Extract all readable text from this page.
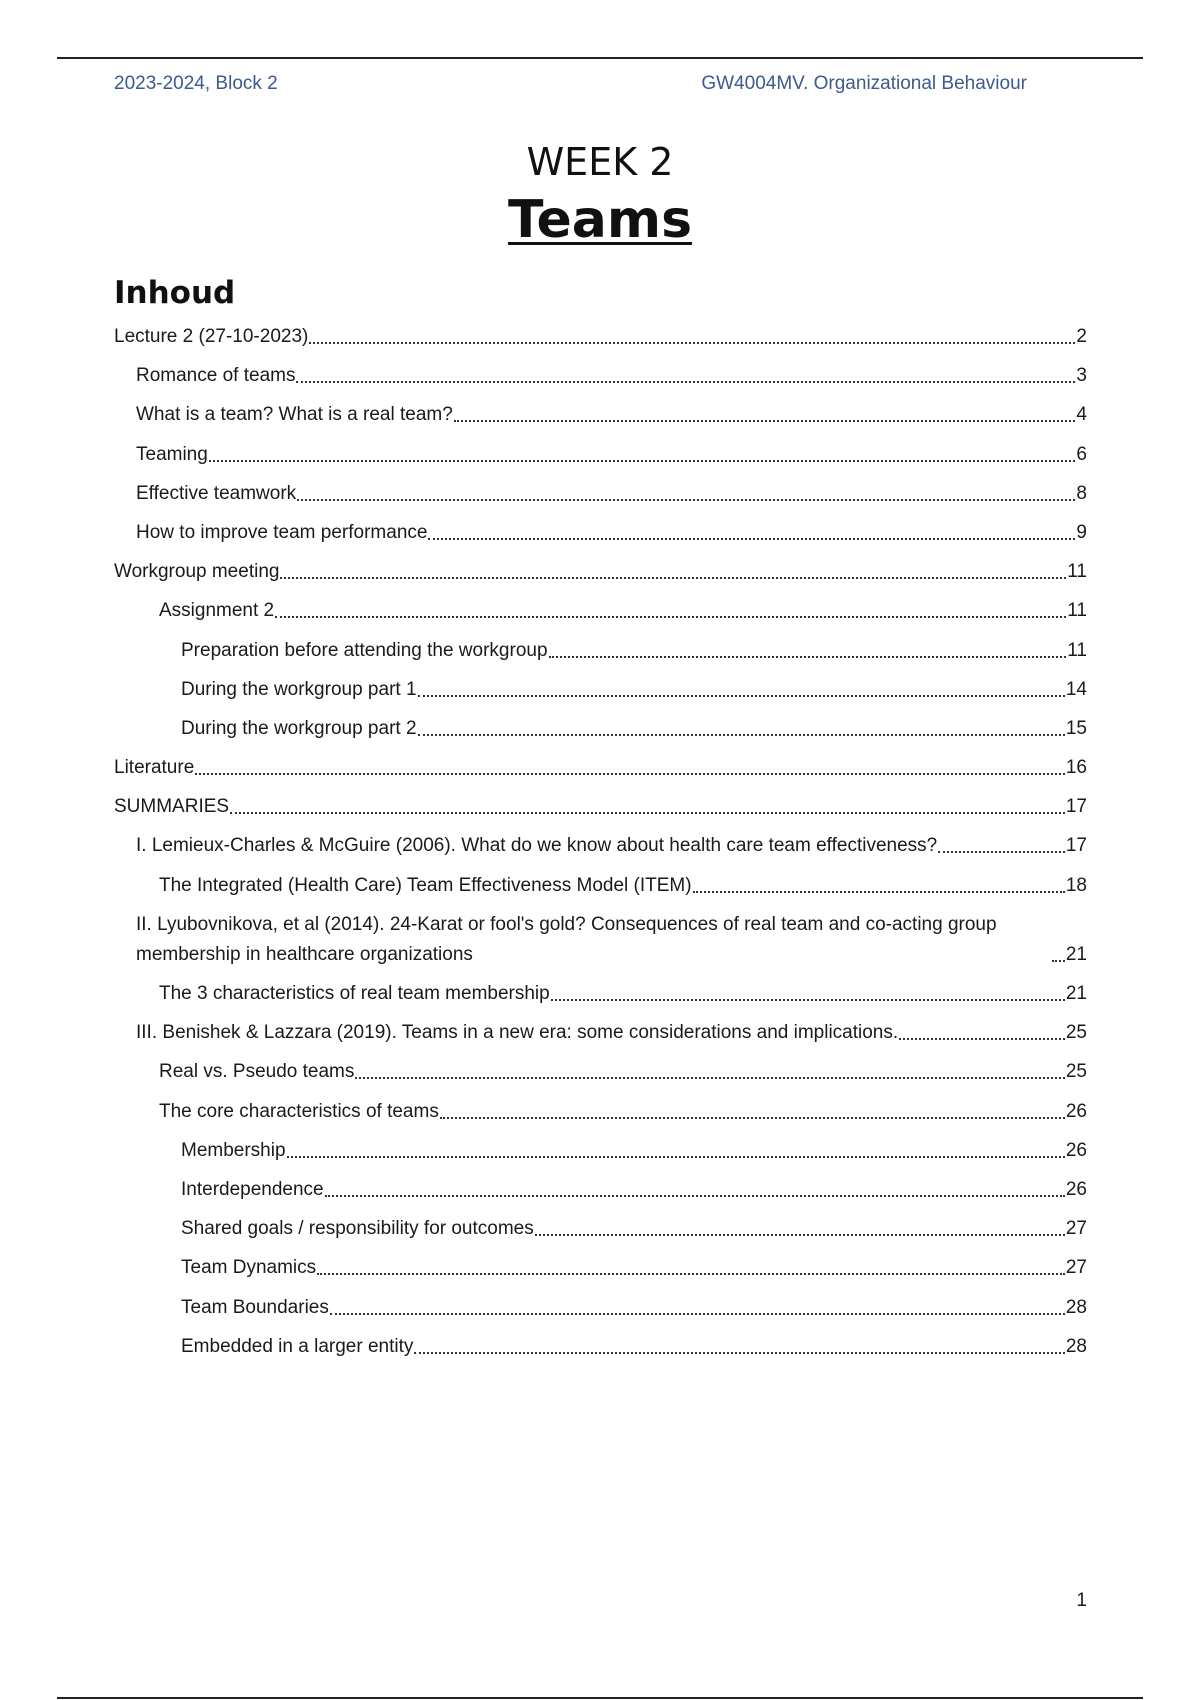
2023-2024, Block 2	GW4004MV. Organizational Behaviour
WEEK 2
Teams
Inhoud
Lecture 2 (27-10-2023)	2
Romance of teams	3
What is a team? What is a real team?	4
Teaming	6
Effective teamwork	8
How to improve team performance	9
Workgroup meeting	11
Assignment 2	11
Preparation before attending the workgroup	11
During the workgroup part 1	14
During the workgroup part 2	15
Literature	16
SUMMARIES	17
I. Lemieux-Charles & McGuire (2006). What do we know about health care team effectiveness?	17
The Integrated (Health Care) Team Effectiveness Model (ITEM)	18
II. Lyubovnikova, et al (2014). 24-Karat or fool's gold? Consequences of real team and co-acting group membership in healthcare organizations	21
The 3 characteristics of real team membership	21
III. Benishek & Lazzara (2019). Teams in a new era: some considerations and implications.	25
Real vs. Pseudo teams	25
The core characteristics of teams	26
Membership	26
Interdependence	26
Shared goals / responsibility for outcomes	27
Team Dynamics	27
Team Boundaries	28
Embedded in a larger entity	28
1
